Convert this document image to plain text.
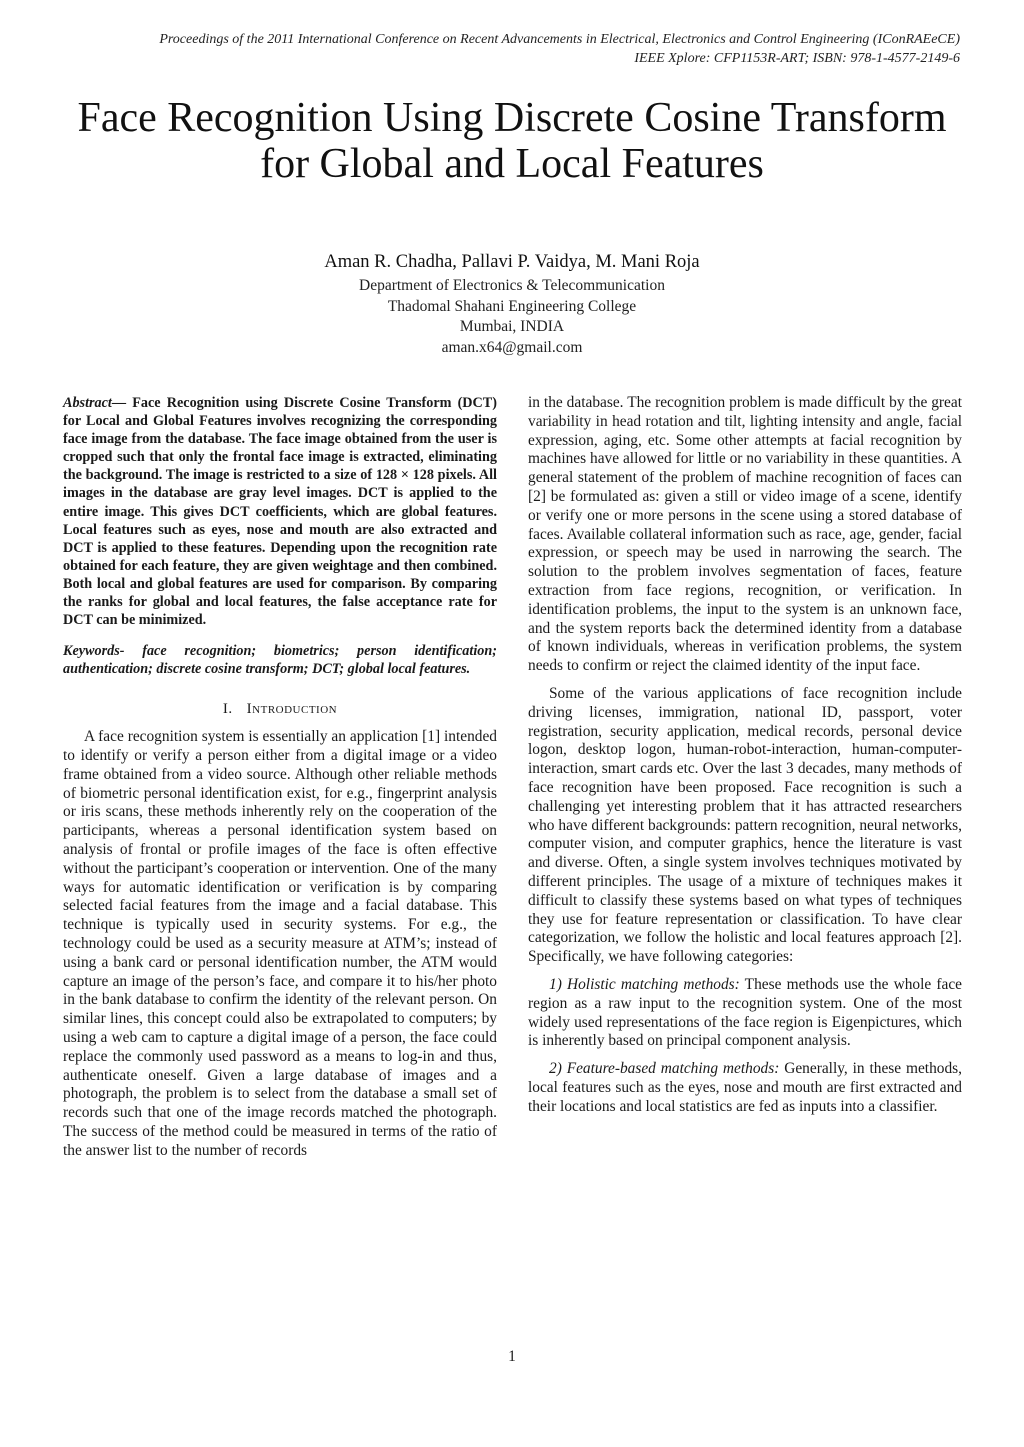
Proceedings of the 2011 International Conference on Recent Advancements in Electrical, Electronics and Control Engineering (IConRAEeCE)
IEEE Xplore: CFP1153R-ART; ISBN: 978-1-4577-2149-6
Face Recognition Using Discrete Cosine Transform
for Global and Local Features
Aman R. Chadha, Pallavi P. Vaidya, M. Mani Roja
Department of Electronics & Telecommunication
Thadomal Shahani Engineering College
Mumbai, INDIA
aman.x64@gmail.com

Abstract— Face Recognition using Discrete Cosine Transform (DCT) for Local and Global Features involves recognizing the corresponding face image from the database. The face image obtained from the user is cropped such that only the frontal face image is extracted, eliminating the background. The image is restricted to a size of 128 × 128 pixels. All images in the database are gray level images. DCT is applied to the entire image. This gives DCT coefficients, which are global features. Local features such as eyes, nose and mouth are also extracted and DCT is applied to these features. Depending upon the recognition rate obtained for each feature, they are given weightage and then combined. Both local and global features are used for comparison. By comparing the ranks for global and local features, the false acceptance rate for DCT can be minimized.

Keywords- face recognition; biometrics; person identification; authentication; discrete cosine transform; DCT; global local features.

I. Introduction

A face recognition system is essentially an application [1] intended to identify or verify a person either from a digital image or a video frame obtained from a video source. Although other reliable methods of biometric personal identification exist, for e.g., fingerprint analysis or iris scans, these methods inherently rely on the cooperation of the participants, whereas a personal identification system based on analysis of frontal or profile images of the face is often effective without the participant’s cooperation or intervention. One of the many ways for automatic identification or verification is by comparing selected facial features from the image and a facial database. This technique is typically used in security systems. For e.g., the technology could be used as a security measure at ATM’s; instead of using a bank card or personal identification number, the ATM would capture an image of the person’s face, and compare it to his/her photo in the bank database to confirm the identity of the relevant person. On similar lines, this concept could also be extrapolated to computers; by using a web cam to capture a digital image of a person, the face could replace the commonly used password as a means to log-in and thus, authenticate oneself. Given a large database of images and a photograph, the problem is to select from the database a small set of records such that one of the image records matched the photograph. The success of the method could be measured in terms of the ratio of the answer list to the number of records

in the database. The recognition problem is made difficult by the great variability in head rotation and tilt, lighting intensity and angle, facial expression, aging, etc. Some other attempts at facial recognition by machines have allowed for little or no variability in these quantities. A general statement of the problem of machine recognition of faces can [2] be formulated as: given a still or video image of a scene, identify or verify one or more persons in the scene using a stored database of faces. Available collateral information such as race, age, gender, facial expression, or speech may be used in narrowing the search. The solution to the problem involves segmentation of faces, feature extraction from face regions, recognition, or verification. In identification problems, the input to the system is an unknown face, and the system reports back the determined identity from a database of known individuals, whereas in verification problems, the system needs to confirm or reject the claimed identity of the input face.

Some of the various applications of face recognition include driving licenses, immigration, national ID, passport, voter registration, security application, medical records, personal device logon, desktop logon, human-robot-interaction, human-computer-interaction, smart cards etc. Over the last 3 decades, many methods of face recognition have been proposed. Face recognition is such a challenging yet interesting problem that it has attracted researchers who have different backgrounds: pattern recognition, neural networks, computer vision, and computer graphics, hence the literature is vast and diverse. Often, a single system involves techniques motivated by different principles. The usage of a mixture of techniques makes it difficult to classify these systems based on what types of techniques they use for feature representation or classification. To have clear categorization, we follow the holistic and local features approach [2]. Specifically, we have following categories:

1) Holistic matching methods: These methods use the whole face region as a raw input to the recognition system. One of the most widely used representations of the face region is Eigenpictures, which is inherently based on principal component analysis.

2) Feature-based matching methods: Generally, in these methods, local features such as the eyes, nose and mouth are first extracted and their locations and local statistics are fed as inputs into a classifier.

1
